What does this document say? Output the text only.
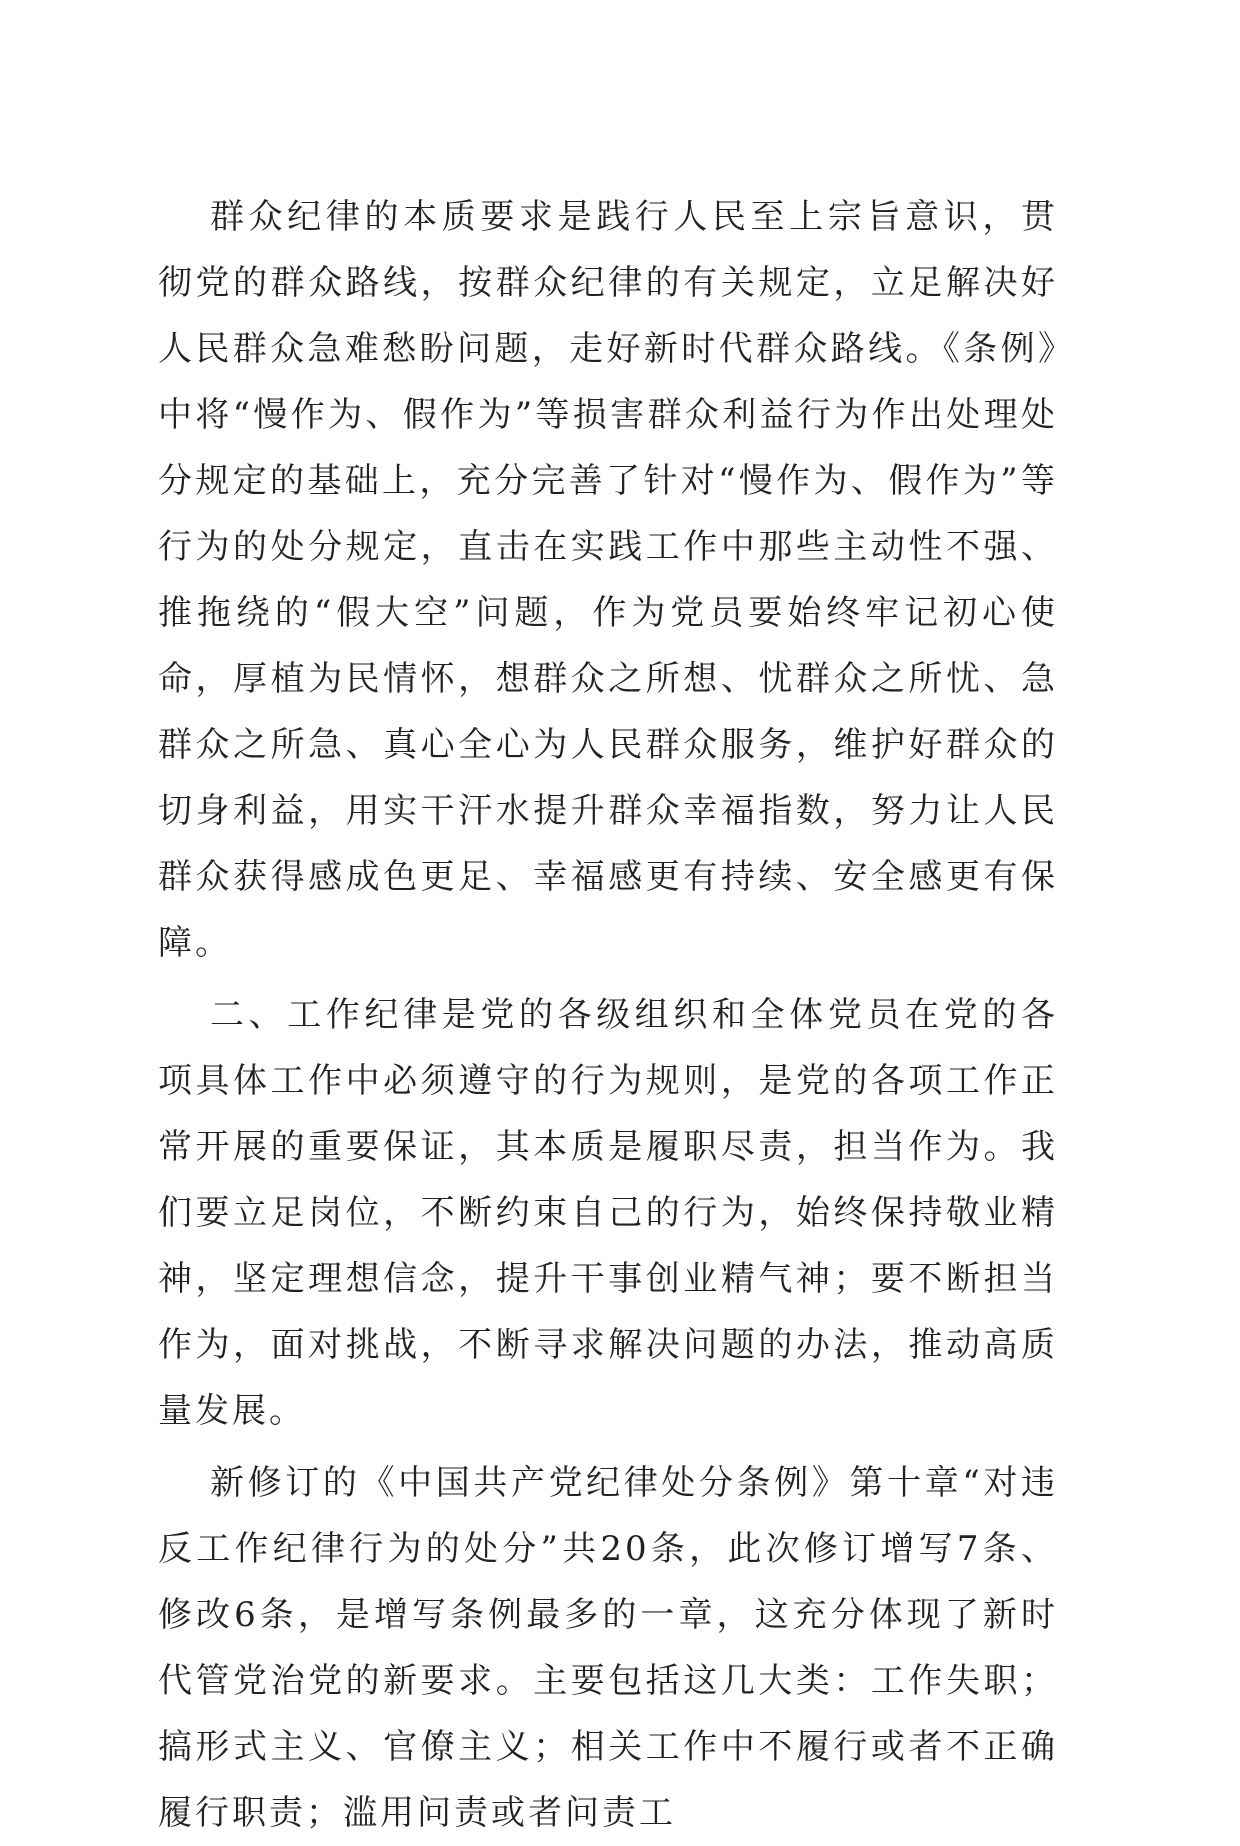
群众纪律的本质要求是践行人民至上宗旨意识，贯彻党的群众路线，按群众纪律的有关规定，立足解决好人民群众急难愁盼问题，走好新时代群众路线。《条例》中将“慢作为、假作为”等损害群众利益行为作出处理处分规定的基础上，充分完善了针对“慢作为、假作为”等行为的处分规定，直击在实践工作中那些主动性不强、推拖绕的“假大空”问题，作为党员要始终牢记初心使命，厚植为民情怀，想群众之所想、忧群众之所忧、急群众之所急、真心全心为人民群众服务，维护好群众的切身利益，用实干汗水提升群众幸福指数，努力让人民群众获得感成色更足、幸福感更有持续、安全感更有保障。

二、工作纪律是党的各级组织和全体党员在党的各项具体工作中必须遵守的行为规则，是党的各项工作正常开展的重要保证，其本质是履职尽责，担当作为。我们要立足岗位，不断约束自己的行为，始终保持敬业精神，坚定理想信念，提升干事创业精气神；要不断担当作为，面对挑战，不断寻求解决问题的办法，推动高质量发展。

新修订的《中国共产党纪律处分条例》第十章“对违反工作纪律行为的处分”共20条，此次修订增写7条、修改6条，是增写条例最多的一章，这充分体现了新时代管党治党的新要求。主要包括这几大类：工作失职；搞形式主义、官僚主义；相关工作中不履行或者不正确履行职责；滥用问责或者问责工
